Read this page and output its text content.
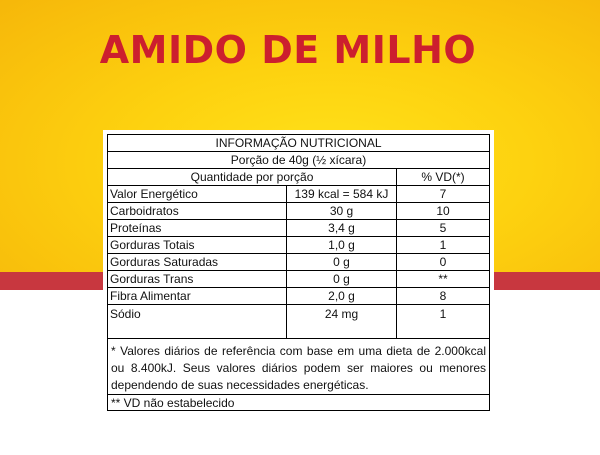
AMIDO DE MILHO
INFORMAÇÃO NUTRICIONAL
Porção de 40g (½ xícara)
Quantidade por porção	% VD(*)
Valor Energético	139 kcal = 584 kJ	7
Carboidratos	30 g	10
Proteínas	3,4 g	5
Gorduras Totais	1,0 g	1
Gorduras Saturadas	0 g	0
Gorduras Trans	0 g	**
Fibra Alimentar	2,0 g	8
Sódio	24 mg	1
* Valores diários de referência com base em uma dieta de 2.000kcal ou 8.400kJ. Seus valores diários podem ser maiores ou menores dependendo de suas necessidades energéticas.
** VD não estabelecido
